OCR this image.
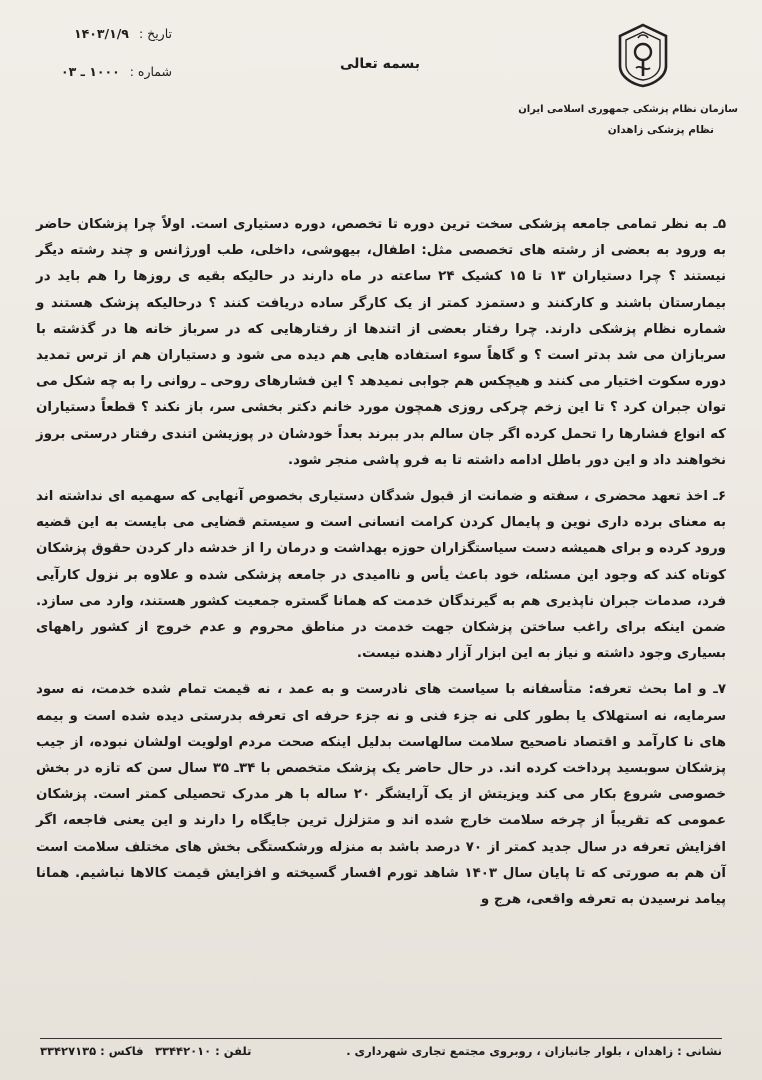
سازمان نظام پزشکی جمهوری اسلامی ایران
نظام پزشکی زاهدان
بسمه تعالی
تاریخ : ۱۴۰۳/۱/۹
شماره : ۱۰۰۰ ـ ۰۳

۵ـ به نظر تمامی جامعه پزشکی سخت ترین دوره تا تخصص، دوره دستیاری است. اولاً چرا پزشکان حاضر به ورود به بعضی از رشته های تخصصی مثل: اطفال، بیهوشی، داخلی، طب اورژانس و چند رشته دیگر نیستند ؟ چرا دستیاران ۱۳ تا ۱۵ کشیک ۲۴ ساعته در ماه دارند در حالیکه بقیه ی روزها را هم باید در بیمارستان باشند و کارکنند و دستمزد کمتر از یک کارگر ساده دریافت کنند ؟ درحالیکه پزشک هستند و شماره نظام پزشکی دارند. چرا رفتار بعضی از اتندها از رفتارهایی که در سرباز خانه ها در گذشته با سربازان می شد بدتر است ؟ و گاهاً سوء استفاده هایی هم دیده می شود و دستیاران هم از ترس تمدید دوره سکوت اختیار می کنند و هیچکس هم جوابی نمیدهد ؟ این فشارهای روحی ـ روانی را به چه شکل می توان جبران کرد ؟ تا این زخم چرکی روزی همچون مورد خانم دکتر بخشی سر، باز نکند ؟ قطعاً دستیاران که انواع فشارها را تحمل کرده اگر جان سالم بدر ببرند بعداً خودشان در پوزیشن اتندی رفتار درستی بروز نخواهند داد و این دور باطل ادامه داشته تا به فرو پاشی منجر شود.

۶ـ اخذ تعهد محضری ، سفته و ضمانت از قبول شدگان دستیاری بخصوص آنهایی که سهمیه ای نداشته اند به معنای برده داری نوین و پایمال کردن کرامت انسانی است و سیستم قضایی می بایست به این قضیه ورود کرده و برای همیشه دست سیاستگزاران حوزه بهداشت و درمان را از خدشه دار کردن حقوق پزشکان کوتاه کند که وجود این مسئله، خود باعث یأس و ناامیدی در جامعه پزشکی شده و علاوه بر نزول کارآیی فرد، صدمات جبران ناپذیری هم به گیرندگان خدمت که همانا گستره جمعیت کشور هستند، وارد می سازد. ضمن اینکه برای راغب ساختن پزشکان جهت خدمت در مناطق محروم و عدم خروج از کشور راههای بسیاری وجود داشته و نیاز به این ابزار آزار دهنده نیست.

۷ـ و اما بحث تعرفه: متأسفانه با سیاست های نادرست و به عمد ، نه قیمت تمام شده خدمت، نه سود سرمایه، نه استهلاک یا بطور کلی نه جزء فنی و نه جزء حرفه ای تعرفه بدرستی دیده شده است و بیمه های نا کارآمد و اقتصاد ناصحیح سلامت سالهاست بدلیل اینکه صحت مردم اولویت اولشان نبوده، از جیب پزشکان سوبسید پرداخت کرده اند. در حال حاضر یک پزشک متخصص با ۳۴ـ ۳۵ سال سن که تازه در بخش خصوصی شروع بکار می کند ویزیتش از یک آرایشگر ۲۰ ساله با هر مدرک تحصیلی کمتر است. پزشکان عمومی که تقریباً از چرخه سلامت خارج شده اند و متزلزل ترین جایگاه را دارند و این یعنی فاجعه، اگر افزایش تعرفه در سال جدید کمتر از ۷۰ درصد باشد به منزله ورشکستگی بخش های مختلف سلامت است آن هم به صورتی که تا پایان سال ۱۴۰۳ شاهد تورم افسار گسیخته و افزایش قیمت کالاها نباشیم. همانا پیامد نرسیدن به تعرفه واقعی، هرج و

نشانی : زاهدان ، بلوار جانبازان ، روبروی مجتمع تجاری شهرداری .
تلفن : ۳۳۴۴۲۰۱۰
فاکس : ۳۳۴۲۷۱۳۵
